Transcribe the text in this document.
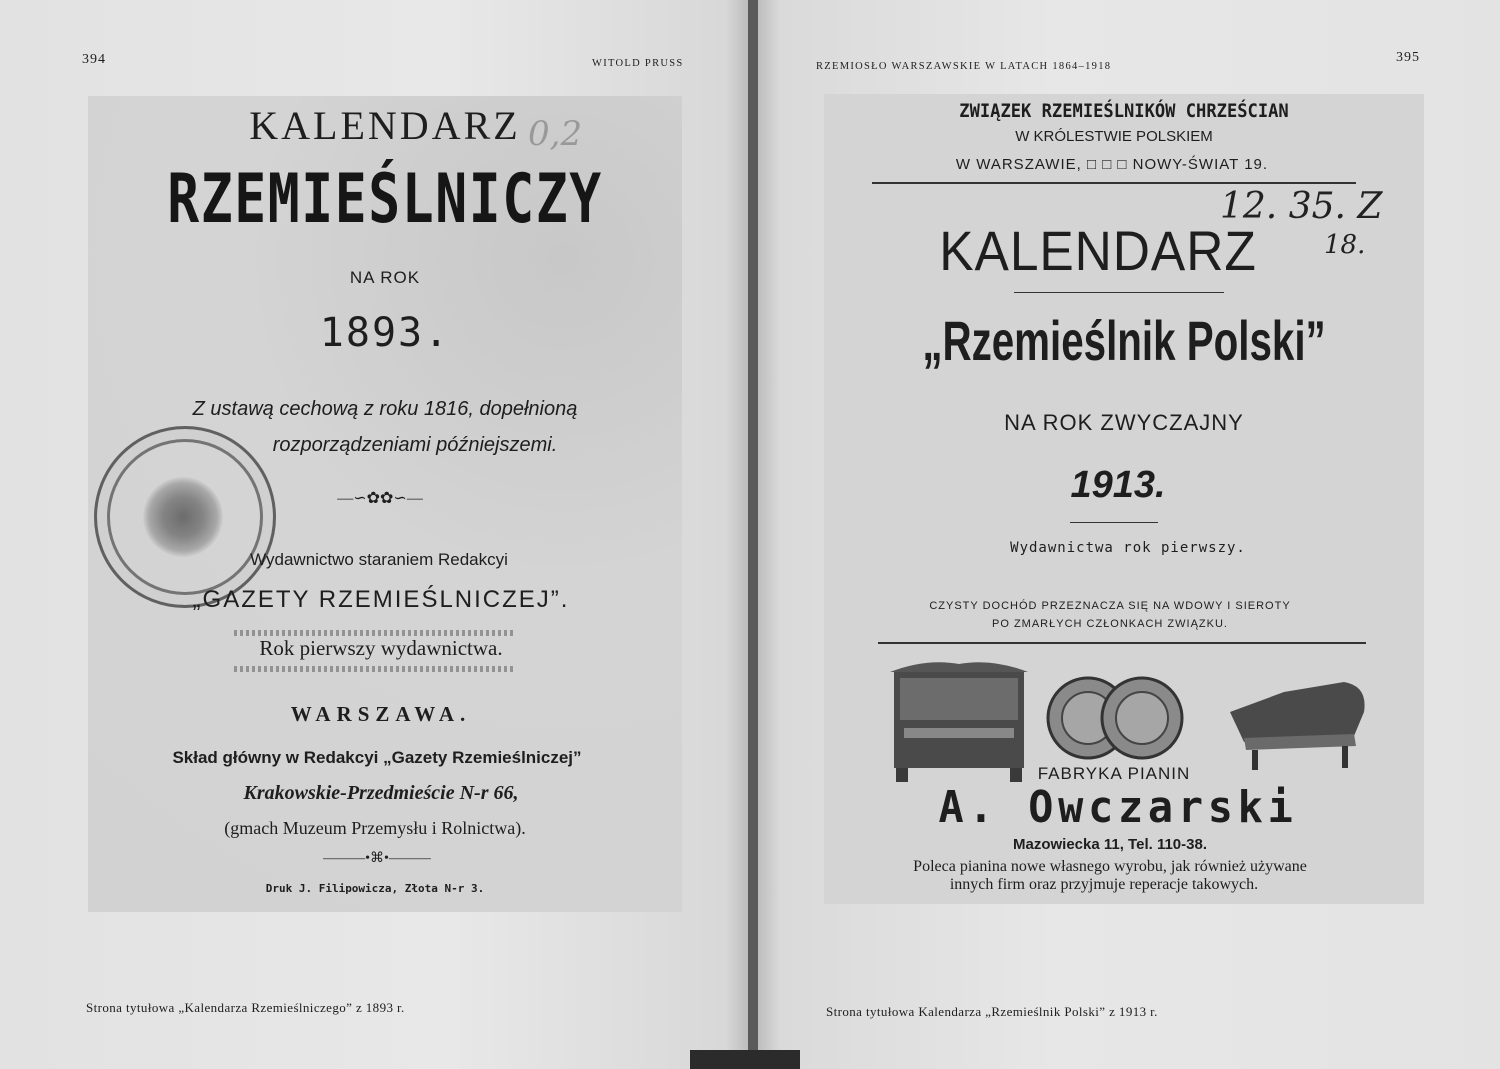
394	WITOLD PRUSS
KALENDARZ 0,2
RZEMIEŚLNICZY
NA ROK
1893.
Z ustawą cechową z roku 1816, dopełnioną
rozporządzeniami późniejszemi.
—∽✿✿∽—
Wydawnictwo staraniem Redakcyi
„GAZETY RZEMIEŚLNICZEJ”.
Rok pierwszy wydawnictwa.
WARSZAWA.
Skład główny w Redakcyi „Gazety Rzemieślniczej”
Krakowskie-Przedmieście N-r 66,
(gmach Muzeum Przemysłu i Rolnictwa).
———•⌘•———
Druk J. Filipowicza, Złota N-r 3.
Strona tytułowa „Kalendarza Rzemieślniczego” z 1893 r.
395
RZEMIOSŁO WARSZAWSKIE W LATACH 1864–1918
ZWIĄZEK RZEMIEŚLNIKÓW CHRZEŚCIAN
W KRÓLESTWIE POLSKIEM
W WARSZAWIE, □ □ □ NOWY-ŚWIAT 19.
12. 35. Z
18.
KALENDARZ
„Rzemieślnik Polski”
NA ROK ZWYCZAJNY
1913.
Wydawnictwa rok pierwszy.
CZYSTY DOCHÓD PRZEZNACZA SIĘ NA WDOWY I SIEROTY
PO ZMARŁYCH CZŁONKACH ZWIĄZKU.
FABRYKA PIANIN
A. Owczarski
Mazowiecka 11, Tel. 110-38.
Poleca pianina nowe własnego wyrobu, jak również używane
innych firm oraz przyjmuje reperacje takowych.
Strona tytułowa Kalendarza „Rzemieślnik Polski” z 1913 r.
